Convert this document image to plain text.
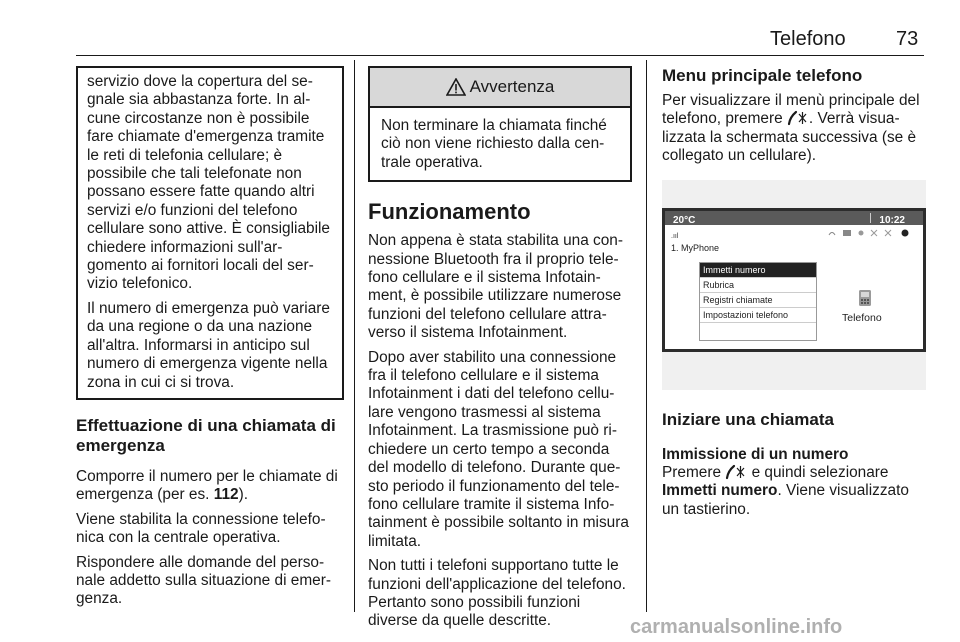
Telefono	73

servizio dove la copertura del segnale sia abbastanza forte. In alcune circostanze non è possibile fare chiamate d'emergenza tramite le reti di telefonia cellulare; è possibile che tali telefonate non possano essere fatte quando altri servizi e/o funzioni del telefono cellulare sono attive. È consigliabile chiedere informazioni sull'argomento ai fornitori locali del servizio telefonico.

Il numero di emergenza può variare da una regione o da una nazione all'altra. Informarsi in anticipo sul numero di emergenza vigente nella zona in cui ci si trova.

Effettuazione di una chiamata di emergenza

Comporre il numero per le chiamate di emergenza (per es. 112).

Viene stabilita la connessione telefonica con la centrale operativa.

Rispondere alle domande del personale addetto sulla situazione di emergenza.

Avvertenza
Non terminare la chiamata finché ciò non viene richiesto dalla centrale operativa.
Funzionamento

Non appena è stata stabilita una connessione Bluetooth fra il proprio telefono cellulare e il sistema Infotainment, è possibile utilizzare numerose funzioni del telefono cellulare attraverso il sistema Infotainment.

Dopo aver stabilito una connessione fra il telefono cellulare e il sistema Infotainment i dati del telefono cellulare vengono trasmessi al sistema Infotainment. La trasmissione può richiedere un certo tempo a seconda del modello di telefono. Durante questo periodo il funzionamento del telefono cellulare tramite il sistema Infotainment è possibile soltanto in misura limitata.

Non tutti i telefoni supportano tutte le funzioni dell'applicazione del telefono. Pertanto sono possibili funzioni diverse da quelle descritte.

Menu principale telefono

Per visualizzare il menù principale del telefono, premere . Verrà visualizzata la schermata successiva (se è collegato un cellulare).

20°C	10:22
.ııl
1. MyPhone
Immetti numero
Rubrica
Registri chiamate
Impostazioni telefono	Telefono
Iniziare una chiamata
Immissione di un numero

Premere  e quindi selezionare Immetti numero. Viene visualizzato un tastierino.

carmanualsonline.info
